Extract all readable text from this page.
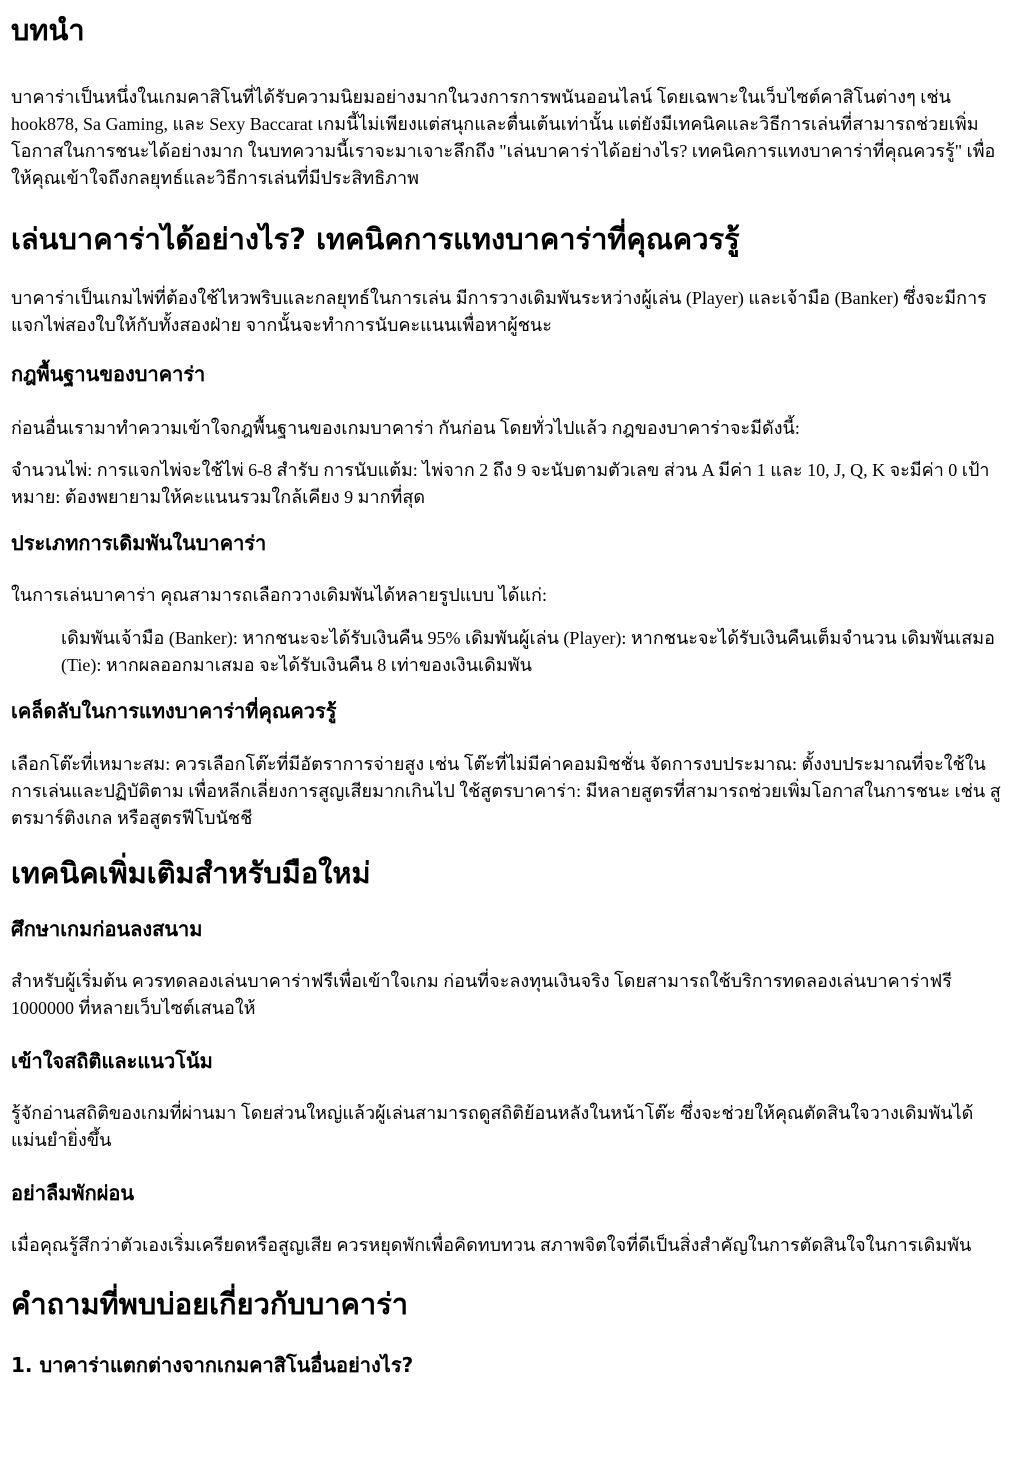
บทนำ

บาคาร่าเป็นหนึ่งในเกมคาสิโนที่ได้รับความนิยมอย่างมากในวงการการพนันออนไลน์ โดยเฉพาะในเว็บไซต์คาสิโนต่างๆ เช่น hook878, Sa Gaming, และ Sexy Baccarat เกมนี้ไม่เพียงแต่สนุกและตื่นเต้นเท่านั้น แต่ยังมีเทคนิคและวิธีการเล่นที่สามารถช่วยเพิ่มโอกาสในการชนะได้อย่างมาก ในบทความนี้เราจะมาเจาะลึกถึง "เล่นบาคาร่าได้อย่างไร? เทคนิคการแทงบาคาร่าที่คุณควรรู้" เพื่อให้คุณเข้าใจถึงกลยุทธ์และวิธีการเล่นที่มีประสิทธิภาพ

เล่นบาคาร่าได้อย่างไร? เทคนิคการแทงบาคาร่าที่คุณควรรู้

บาคาร่าเป็นเกมไพ่ที่ต้องใช้ไหวพริบและกลยุทธ์ในการเล่น มีการวางเดิมพันระหว่างผู้เล่น (Player) และเจ้ามือ (Banker) ซึ่งจะมีการแจกไพ่สองใบให้กับทั้งสองฝ่าย จากนั้นจะทำการนับคะแนนเพื่อหาผู้ชนะ

กฎพื้นฐานของบาคาร่า

ก่อนอื่นเรามาทำความเข้าใจกฎพื้นฐานของเกมบาคาร่า กันก่อน โดยทั่วไปแล้ว กฎของบาคาร่าจะมีดังนี้:

จำนวนไพ่: การแจกไพ่จะใช้ไพ่ 6-8 สำรับ การนับแต้ม: ไพ่จาก 2 ถึง 9 จะนับตามตัวเลข ส่วน A มีค่า 1 และ 10, J, Q, K จะมีค่า 0 เป้าหมาย: ต้องพยายามให้คะแนนรวมใกล้เคียง 9 มากที่สุด

ประเภทการเดิมพันในบาคาร่า

ในการเล่นบาคาร่า คุณสามารถเลือกวางเดิมพันได้หลายรูปแบบ ได้แก่:

เดิมพันเจ้ามือ (Banker): หากชนะจะได้รับเงินคืน 95% เดิมพันผู้เล่น (Player): หากชนะจะได้รับเงินคืนเต็มจำนวน เดิมพันเสมอ (Tie): หากผลออกมาเสมอ จะได้รับเงินคืน 8 เท่าของเงินเดิมพัน
เคล็ดลับในการแทงบาคาร่าที่คุณควรรู้

เลือกโต๊ะที่เหมาะสม: ควรเลือกโต๊ะที่มีอัตราการจ่ายสูง เช่น โต๊ะที่ไม่มีค่าคอมมิชชั่น จัดการงบประมาณ: ตั้งงบประมาณที่จะใช้ในการเล่นและปฏิบัติตาม เพื่อหลีกเลี่ยงการสูญเสียมากเกินไป ใช้สูตรบาคาร่า: มีหลายสูตรที่สามารถช่วยเพิ่มโอกาสในการชนะ เช่น สูตรมาร์ติงเกล หรือสูตรฟีโบนัชชี

เทคนิคเพิ่มเติมสำหรับมือใหม่
ศึกษาเกมก่อนลงสนาม

สำหรับผู้เริ่มต้น ควรทดลองเล่นบาคาร่าฟรีเพื่อเข้าใจเกม ก่อนที่จะลงทุนเงินจริง โดยสามารถใช้บริการทดลองเล่นบาคาร่าฟรี 1000000 ที่หลายเว็บไซต์เสนอให้

เข้าใจสถิติและแนวโน้ม

รู้จักอ่านสถิติของเกมที่ผ่านมา โดยส่วนใหญ่แล้วผู้เล่นสามารถดูสถิติย้อนหลังในหน้าโต๊ะ ซึ่งจะช่วยให้คุณตัดสินใจวางเดิมพันได้แม่นยำยิ่งขึ้น

อย่าลืมพักผ่อน

เมื่อคุณรู้สึกว่าตัวเองเริ่มเครียดหรือสูญเสีย ควรหยุดพักเพื่อคิดทบทวน สภาพจิตใจที่ดีเป็นสิ่งสำคัญในการตัดสินใจในการเดิมพัน

คำถามที่พบบ่อยเกี่ยวกับบาคาร่า
1. บาคาร่าแตกต่างจากเกมคาสิโนอื่นอย่างไร?
